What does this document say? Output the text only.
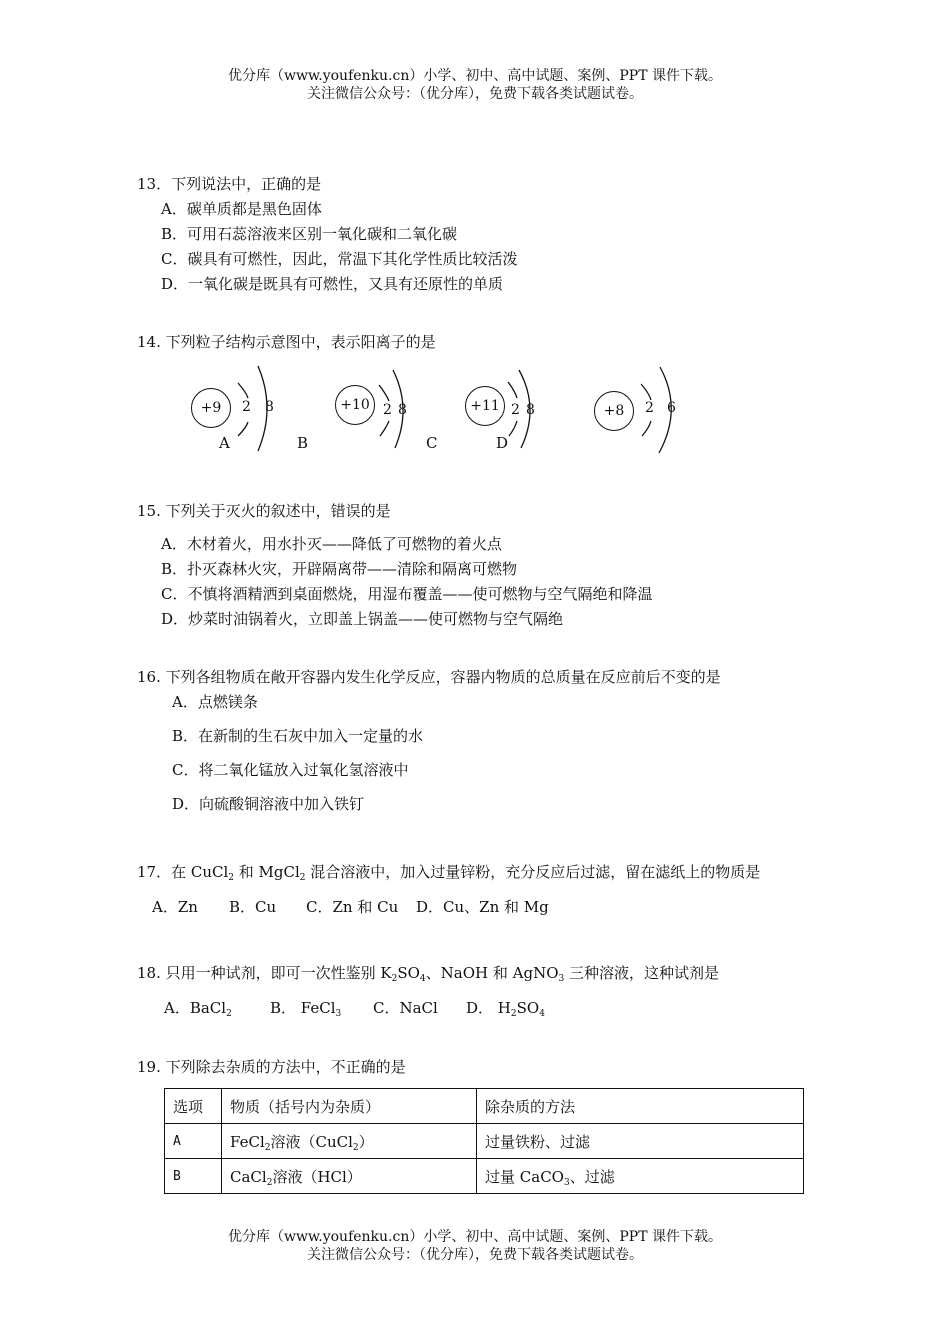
优分库（www.youfenku.cn）小学、初中、高中试题、案例、PPT 课件下载。
关注微信公众号：（优分库），免费下载各类试题试卷。
13．下列说法中，正确的是
A．碳单质都是黑色固体
B．可用石蕊溶液来区别一氧化碳和二氧化碳
C．碳具有可燃性，因此，常温下其化学性质比较活泼
D．一氧化碳是既具有可燃性，又具有还原性的单质
14. 下列粒子结构示意图中，表示阳离子的是
+9	2 8	+10 2 8	+11 2 8	+8	2 6
A	B	C	D
15. 下列关于灭火的叙述中，错误的是
A．木材着火，用水扑灭——降低了可燃物的着火点
B．扑灭森林火灾，开辟隔离带——清除和隔离可燃物
C．不慎将酒精洒到桌面燃烧，用湿布覆盖——使可燃物与空气隔绝和降温
D．炒菜时油锅着火，立即盖上锅盖——使可燃物与空气隔绝
16. 下列各组物质在敞开容器内发生化学反应，容器内物质的总质量在反应前后不变的是
A．点燃镁条
B．在新制的生石灰中加入一定量的水
C．将二氧化锰放入过氧化氢溶液中
D．向硫酸铜溶液中加入铁钉
17．在 CuCl$_2$ 和 MgCl$_2$ 混合溶液中，加入过量锌粉，充分反应后过滤，留在滤纸上的物质是
A．Zn B．Cu C．Zn 和 Cu D．Cu、Zn 和 Mg
18. 只用一种试剂，即可一次性鉴别 $K_2SO_4$、NaOH 和 AgNO$_3$ 三种溶液，这种试剂是
A．BaCl$_2$	B． FeCl$_3$ C．NaCl D． $H_2SO_4$
19. 下列除去杂质的方法中，不正确的是
选项	物质（括号内为杂质）	除杂质的方法
A	FeCl$_2$溶液（CuCl$_2$）	过量铁粉、过滤
B	CaCl$_2$溶液（HCl）	过量 CaCO$_3$、过滤
优分库（www.youfenku.cn）小学、初中、高中试题、案例、PPT 课件下载。
关注微信公众号：（优分库），免费下载各类试题试卷。
